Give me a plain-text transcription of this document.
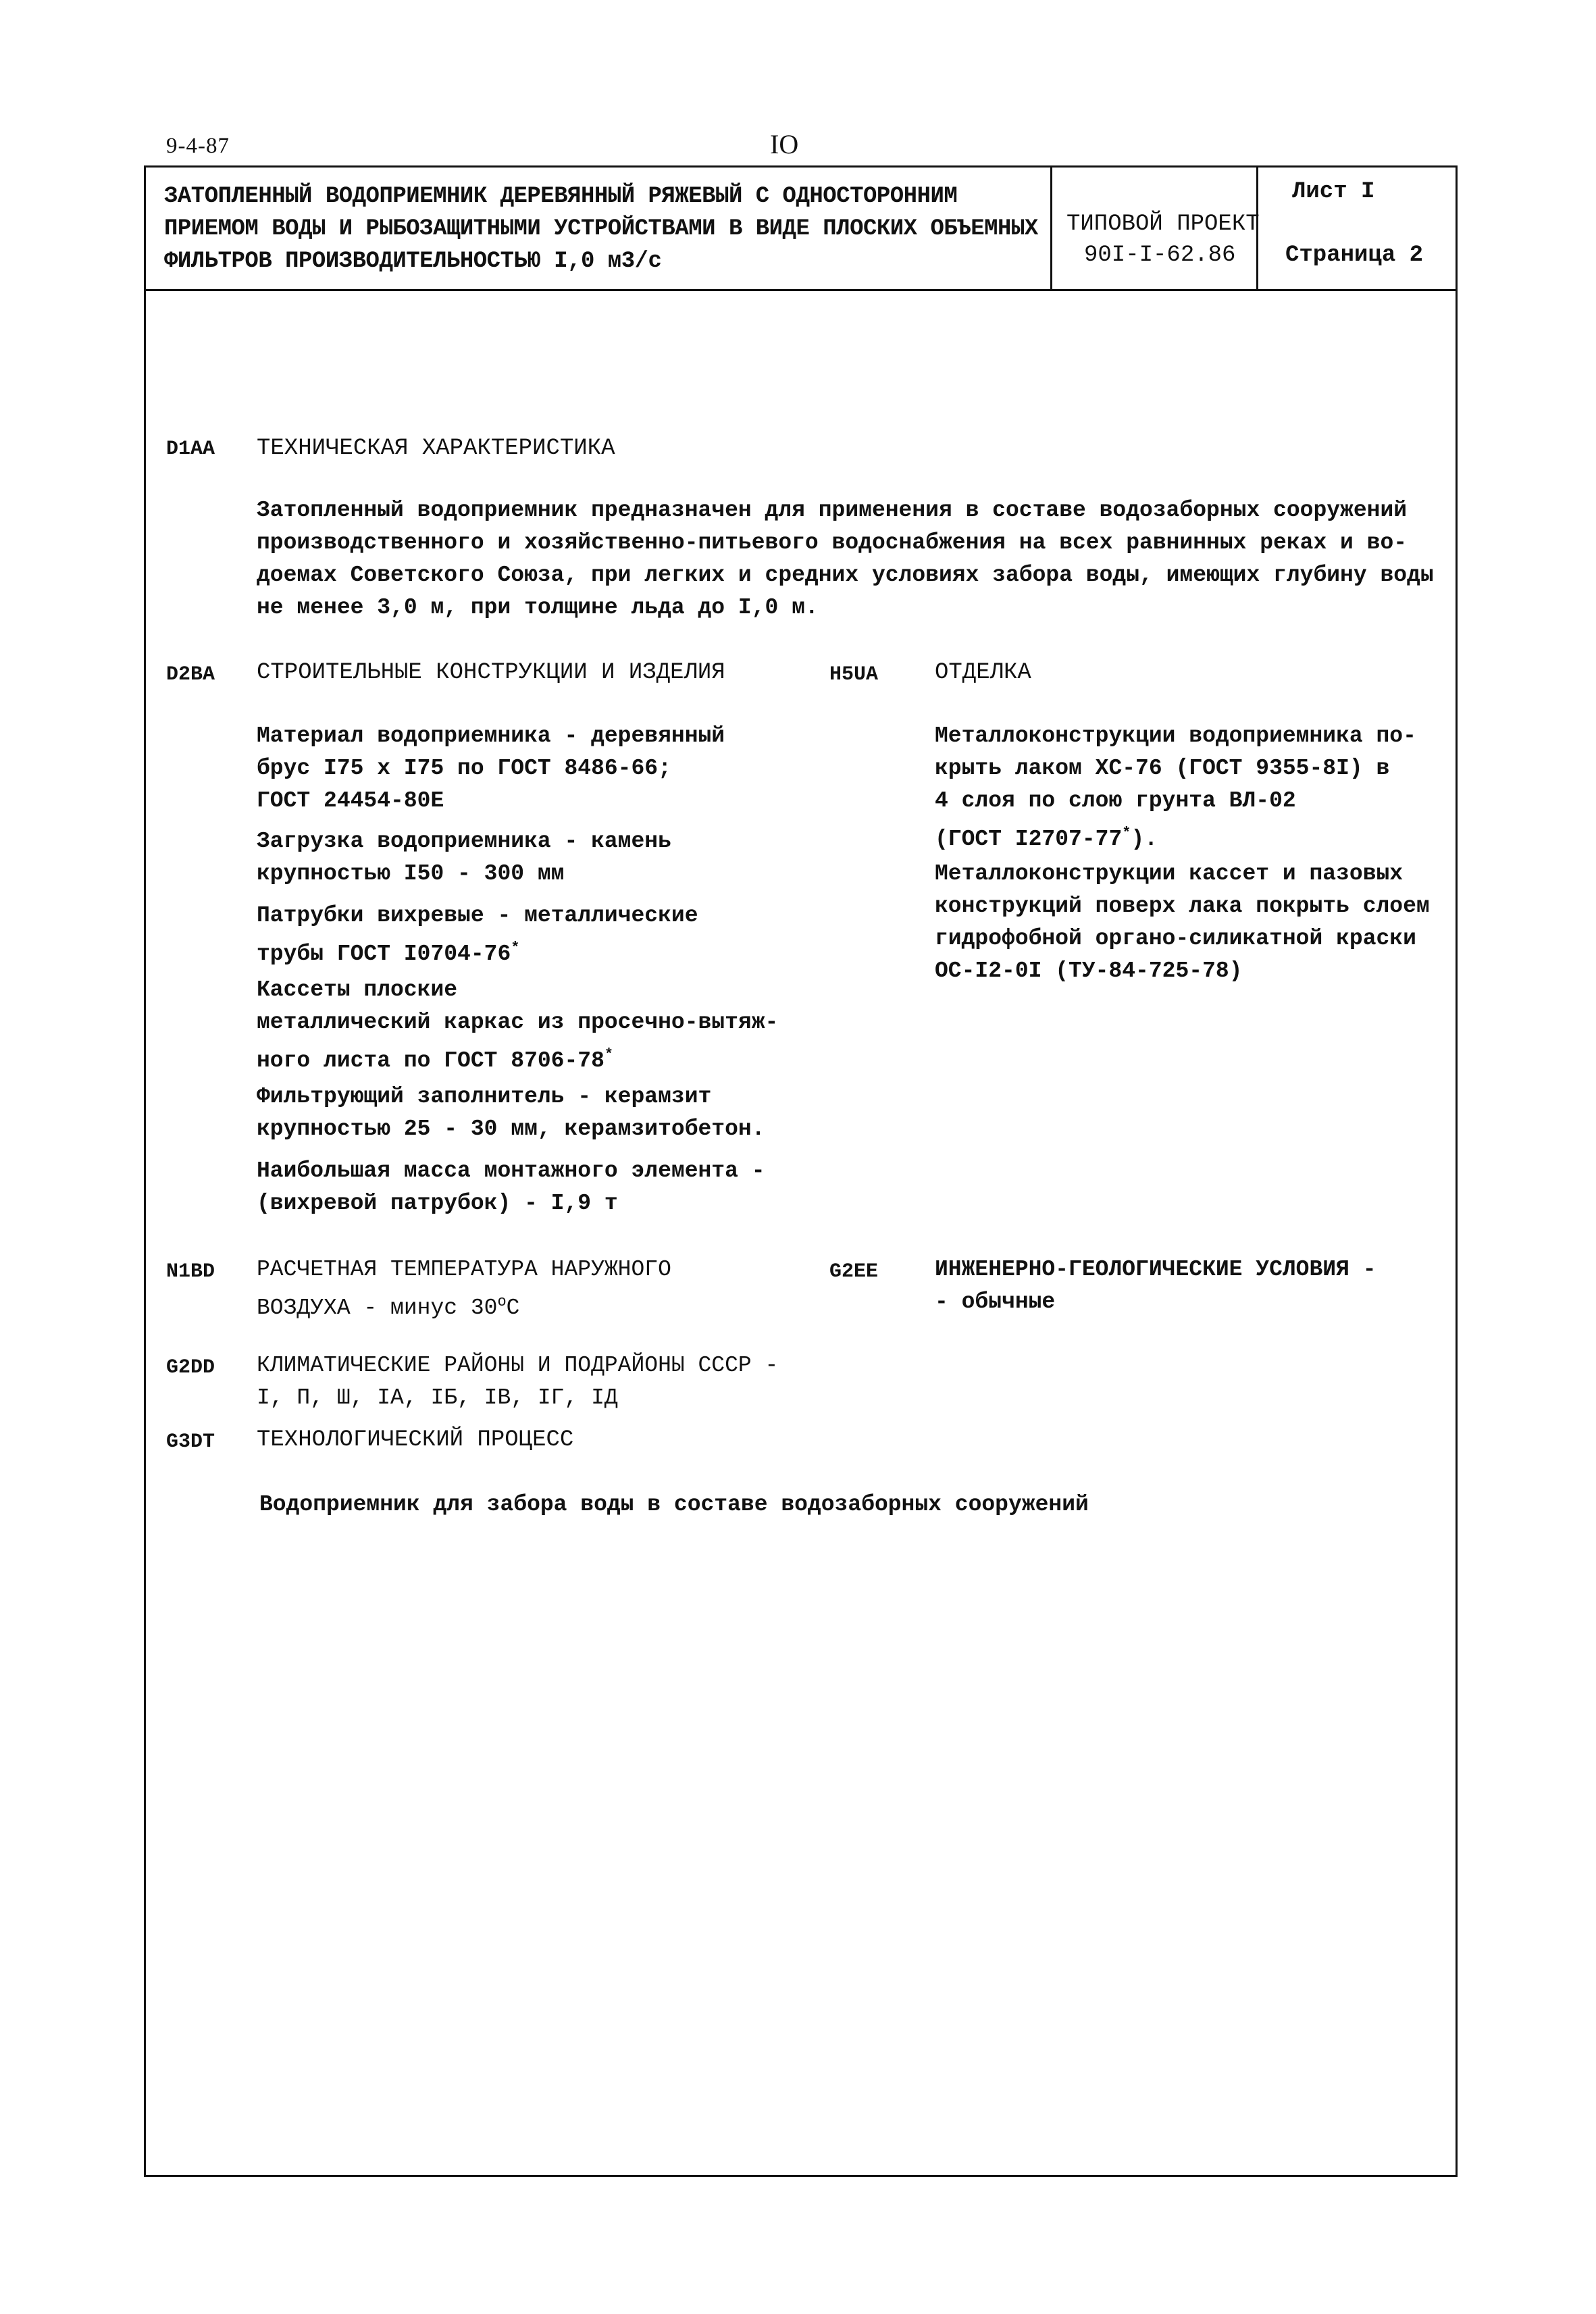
9-4-87	IO
ЗАТОПЛЕННЫЙ ВОДОПРИЕМНИК ДЕРЕВЯННЫЙ РЯЖЕВЫЙ С ОДНОСТОРОННИМ
ПРИЕМОМ ВОДЫ И РЫБОЗАЩИТНЫМИ УСТРОЙСТВАМИ В ВИДЕ ПЛОСКИХ ОБЪЕМНЫХ
ФИЛЬТРОВ ПРОИЗВОДИТЕЛЬНОСТЬЮ I,0 м3/с
ТИПОВОЙ ПРОЕКТ
90I-I-62.86
Лист I
Страница 2
D1AA ТЕХНИЧЕСКАЯ ХАРАКТЕРИСТИКА
Затопленный водоприемник предназначен для применения в составе водозаборных сооружений
производственного и хозяйственно-питьевого водоснабжения на всех равнинных реках и во-
доемах Советского Союза, при легких и средних условиях забора воды, имеющих глубину воды
не менее 3,0 м, при толщине льда до I,0 м.
D2BA СТРОИТЕЛЬНЫЕ КОНСТРУКЦИИ И ИЗДЕЛИЯ
Материал водоприемника - деревянный
брус I75 х I75 по ГОСТ 8486-66;
ГОСТ 24454-80Е
Загрузка водоприемника - камень
крупностью I50 - 300 мм
Патрубки вихревые - металлические
трубы ГОСТ I0704-76*
Кассеты плоские
металлический каркас из просечно-вытяж-
ного листа по ГОСТ 8706-78*
Фильтрующий заполнитель - керамзит
крупностью 25 - 30 мм, керамзитобетон.
Наибольшая масса монтажного элемента -
(вихревой патрубок) - I,9 т
H5UA ОТДЕЛКА
Металлоконструкции водоприемника по-
крыть лаком ХС-76 (ГОСТ 9355-8I) в
4 слоя по слою грунта ВЛ-02
(ГОСТ I2707-77*).
Металлоконструкции кассет и пазовых
конструкций поверх лака покрыть слоем
гидрофобной органо-силикатной краски
ОС-I2-0I (ТУ-84-725-78)
N1BD РАСЧЕТНАЯ ТЕМПЕРАТУРА НАРУЖНОГО
ВОЗДУХА - минус 30$^o$C
G2EE	ИНЖЕНЕРНО-ГЕОЛОГИЧЕСКИЕ УСЛОВИЯ -
- обычные
G2DD КЛИМАТИЧЕСКИЕ РАЙОНЫ И ПОДРАЙОНЫ СССР -
I, П, Ш, IА, IБ, IВ, IГ, IД
G3DT ТЕХНОЛОГИЧЕСКИЙ ПРОЦЕСС
Водоприемник для забора воды в составе водозаборных сооружений
